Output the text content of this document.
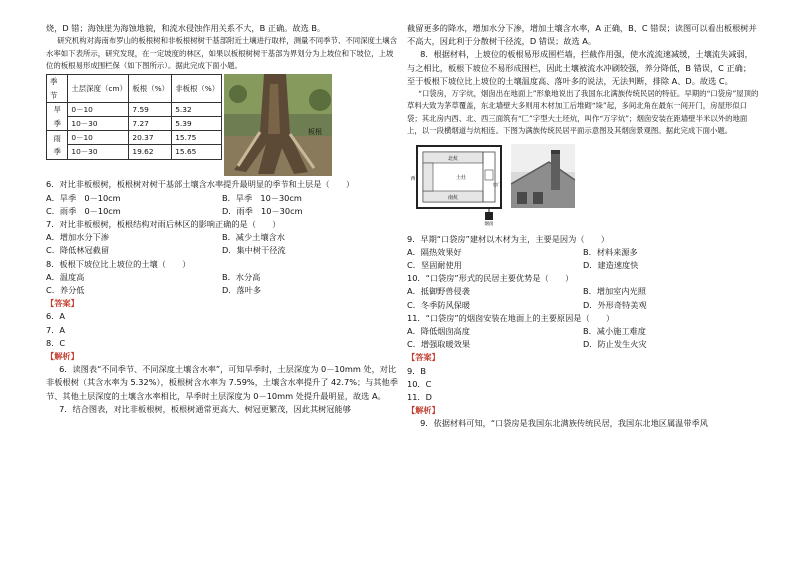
烧，D 错；海蚀崖为海蚀地貌，和流水侵蚀作用关系不大，B 正确。故选 B。

研究机构对海南布罗山的板根树和非板根树树干基部附近土壤进行取样，测量不同季节、不同深度土壤含水率如下表所示，研究发现，在一定坡度的林区，如果以板根树树干基部为界划分为上坡位和下坡位，上坡位的板根易形成围栏保（如下图所示）。据此完成下面小题。

季节	土层深度（cm）	板根（%）	非板根（%）
旱季	0－10	7.59	5.32
	10－30	7.27	5.39
雨季	0－10	20.37	15.75
	10－30	19.62	15.65
板根

6．对比非板根树，板根树对树干基部土壤含水率提升最明显的季节和土层是（　　）

A．旱季　0－10cm	B．旱季　10－30cm
C．雨季　0－10cm	D．雨季　10－30cm

7．对比非板根树，板根结构对雨后林区的影响正确的是（　　）

A．增加水分下渗	B．减少土壤含水
C．降低林冠截留	D．集中树干径流

8．板根下坡位比上坡位的土壤（　　）

A．温度高	B．水分高
C．养分低	D．落叶多

【答案】

6．A

7．A

8．C

【解析】

6．读图表“不同季节、不同深度土壤含水率”，可知旱季时，土层深度为 0－10mm 处，对比非板根树（其含水率为 5.32%），板根树含水率为 7.59%，土壤含水率提升了 42.7%；与其他季节、其他土层深度的土壤含水率相比，旱季时土层深度为 0－10mm 处提升最明显，故选 A。

7．结合图表，对比非板根树，板根树通常更高大、树冠更繁茂，因此其树冠能够

截留更多的降水，增加水分下渗，增加土壤含水率，A 正确，B、C 错误；读图可以看出板根树并不高大，因此利于分散树干径流，D 错误；故选 A。

8．根据材料，上坡位的板根易形成围栏墙，拦截作用强，使水流流速减缓，土壤流失减弱，与之相比，板根下坡位不易形成围栏，因此土壤被流水冲刷较强，养分降低，B 错误，C 正确；至于板根下坡位比上坡位的土壤温度高、落叶多的说法，无法判断，排除 A、D。故选 C。

“口袋房，万字炕，烟囱出在地面上”形象地说出了我国东北满族传统民居的特征。早期的“口袋房”屋顶的草料大致为茅草覆盖，东北墙壁大多则用木材加工后堆砌“垛”起，多间北角在最东一间开门，房屋形似口袋；其北房内西、北、西三面筑有“匚”字型大土坯炕，叫作“万字炕”；烟囱安装在距墙壁半米以外的地面上，以一段横烟道与炕相连。下图为满族传统民居平面示意图及其烟囱景观图。据此完成下面小题。

北炕
南炕
西	土灶
烟囱
房门

9．早期“口袋房”建材以木材为主，主要是因为（　　）

A．隔热效果好	B．材料来源多
C．坚固耐使用	D．建造速度快

10．“口袋房”形式的民居主要优势是（　　）

A．抵御野兽侵袭	B．增加室内光照
C．冬季防风保暖	D．外形奇特美观

11．“口袋房”的烟囱安装在地面上的主要原因是（　　）

A．降低烟囱高度	B．减小施工难度
C．增强取暖效果	D．防止发生火灾

【答案】

9．B

10．C

11．D

【解析】

9．依据材料可知，“口袋房是我国东北满族传统民居，我国东北地区属温带季风
